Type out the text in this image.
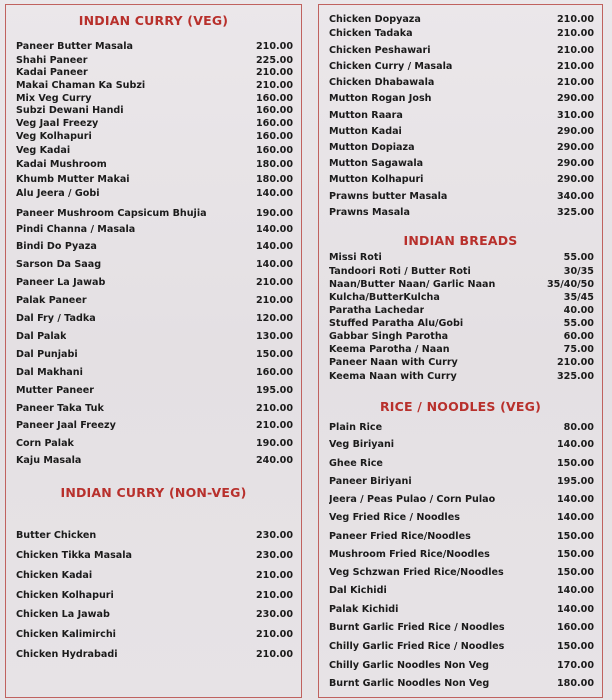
INDIAN CURRY (VEG)
Paneer Butter Masala	210.00
Shahi Paneer	225.00
Kadai Paneer	210.00
Makai Chaman Ka Subzi	210.00
Mix Veg Curry	160.00
Subzi Dewani Handi	160.00
Veg Jaal Freezy	160.00
Veg Kolhapuri	160.00
Veg Kadai	160.00
Kadai Mushroom	180.00
Khumb Mutter Makai	180.00
Alu Jeera / Gobi	140.00
Paneer Mushroom Capsicum Bhujia	190.00
Pindi Channa / Masala	140.00
Bindi Do Pyaza	140.00
Sarson Da Saag	140.00
Paneer La Jawab	210.00
Palak Paneer	210.00
Dal Fry / Tadka	120.00
Dal Palak	130.00
Dal Punjabi	150.00
Dal Makhani	160.00
Mutter Paneer	195.00
Paneer Taka Tuk	210.00
Paneer Jaal Freezy	210.00
Corn Palak	190.00
Kaju Masala	240.00
INDIAN CURRY (NON-VEG)
Butter Chicken	230.00
Chicken Tikka Masala	230.00
Chicken Kadai	210.00
Chicken Kolhapuri	210.00
Chicken La Jawab	230.00
Chicken Kalimirchi	210.00
Chicken Hydrabadi	210.00
Chicken Dopyaza	210.00
Chicken Tadaka	210.00
Chicken Peshawari	210.00
Chicken Curry / Masala	210.00
Chicken Dhabawala	210.00
Mutton Rogan Josh	290.00
Mutton Raara	310.00
Mutton Kadai	290.00
Mutton Dopiaza	290.00
Mutton Sagawala	290.00
Mutton Kolhapuri	290.00
Prawns butter Masala	340.00
Prawns Masala	325.00
INDIAN BREADS
Missi Roti	55.00
Tandoori Roti / Butter Roti	30/35
Naan/Butter Naan/ Garlic Naan	35/40/50
Kulcha/ButterKulcha	35/45
Paratha Lachedar	40.00
Stuffed Paratha Alu/Gobi	55.00
Gabbar Singh Parotha	60.00
Keema Parotha / Naan	75.00
Paneer Naan with Curry	210.00
Keema Naan with Curry	325.00
RICE / NOODLES (VEG)
Plain Rice	80.00
Veg Biriyani	140.00
Ghee Rice	150.00
Paneer Biriyani	195.00
Jeera / Peas Pulao / Corn Pulao	140.00
Veg Fried Rice / Noodles	140.00
Paneer Fried Rice/Noodles	150.00
Mushroom Fried Rice/Noodles	150.00
Veg Schzwan Fried Rice/Noodles	150.00
Dal Kichidi	140.00
Palak Kichidi	140.00
Burnt Garlic Fried Rice / Noodles	160.00
Chilly Garlic Fried Rice / Noodles	150.00
Chilly Garlic Noodles Non Veg	170.00
Burnt Garlic Noodles Non Veg	180.00
